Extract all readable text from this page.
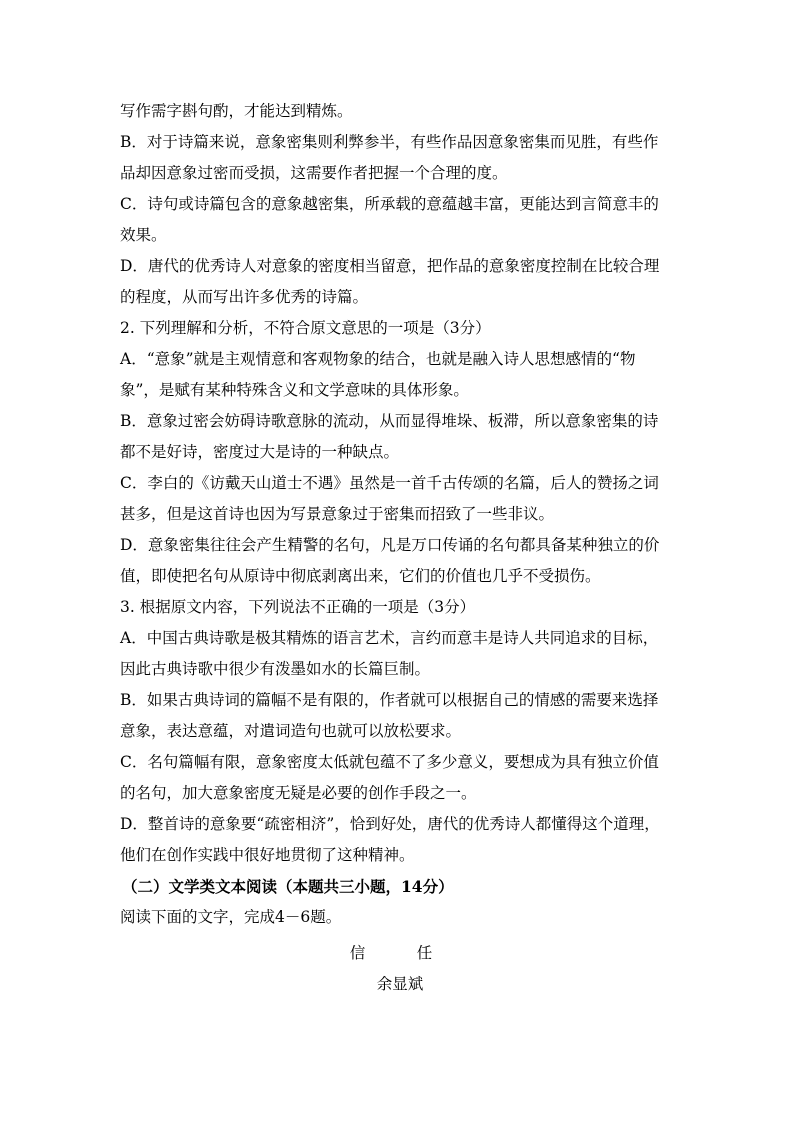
写作需字斟句酌，才能达到精炼。
B．对于诗篇来说，意象密集则利弊参半，有些作品因意象密集而见胜，有些作
品却因意象过密而受损，这需要作者把握一个合理的度。
C．诗句或诗篇包含的意象越密集，所承载的意蕴越丰富，更能达到言简意丰的
效果。
D．唐代的优秀诗人对意象的密度相当留意，把作品的意象密度控制在比较合理
的程度，从而写出许多优秀的诗篇。
2. 下列理解和分析，不符合原文意思的一项是（3分）
A．“意象”就是主观情意和客观物象的结合，也就是融入诗人思想感情的“物
象”，是赋有某种特殊含义和文学意味的具体形象。
B．意象过密会妨碍诗歌意脉的流动，从而显得堆垛、板滞，所以意象密集的诗
都不是好诗，密度过大是诗的一种缺点。
C．李白的《访戴天山道士不遇》虽然是一首千古传颂的名篇，后人的赞扬之词
甚多，但是这首诗也因为写景意象过于密集而招致了一些非议。
D．意象密集往往会产生精警的名句，凡是万口传诵的名句都具备某种独立的价
值，即使把名句从原诗中彻底剥离出来，它们的价值也几乎不受损伤。
3. 根据原文内容，下列说法不正确的一项是（3分）
A．中国古典诗歌是极其精炼的语言艺术，言约而意丰是诗人共同追求的目标，
因此古典诗歌中很少有泼墨如水的长篇巨制。
B．如果古典诗词的篇幅不是有限的，作者就可以根据自己的情感的需要来选择
意象，表达意蕴，对遣词造句也就可以放松要求。
C．名句篇幅有限，意象密度太低就包蕴不了多少意义，要想成为具有独立价值
的名句，加大意象密度无疑是必要的创作手段之一。
D．整首诗的意象要“疏密相济”，恰到好处，唐代的优秀诗人都懂得这个道理，
他们在创作实践中很好地贯彻了这种精神。
（二）文学类文本阅读（本题共三小题，14分）
阅读下面的文字，完成4－6题。
信　任
余显斌
